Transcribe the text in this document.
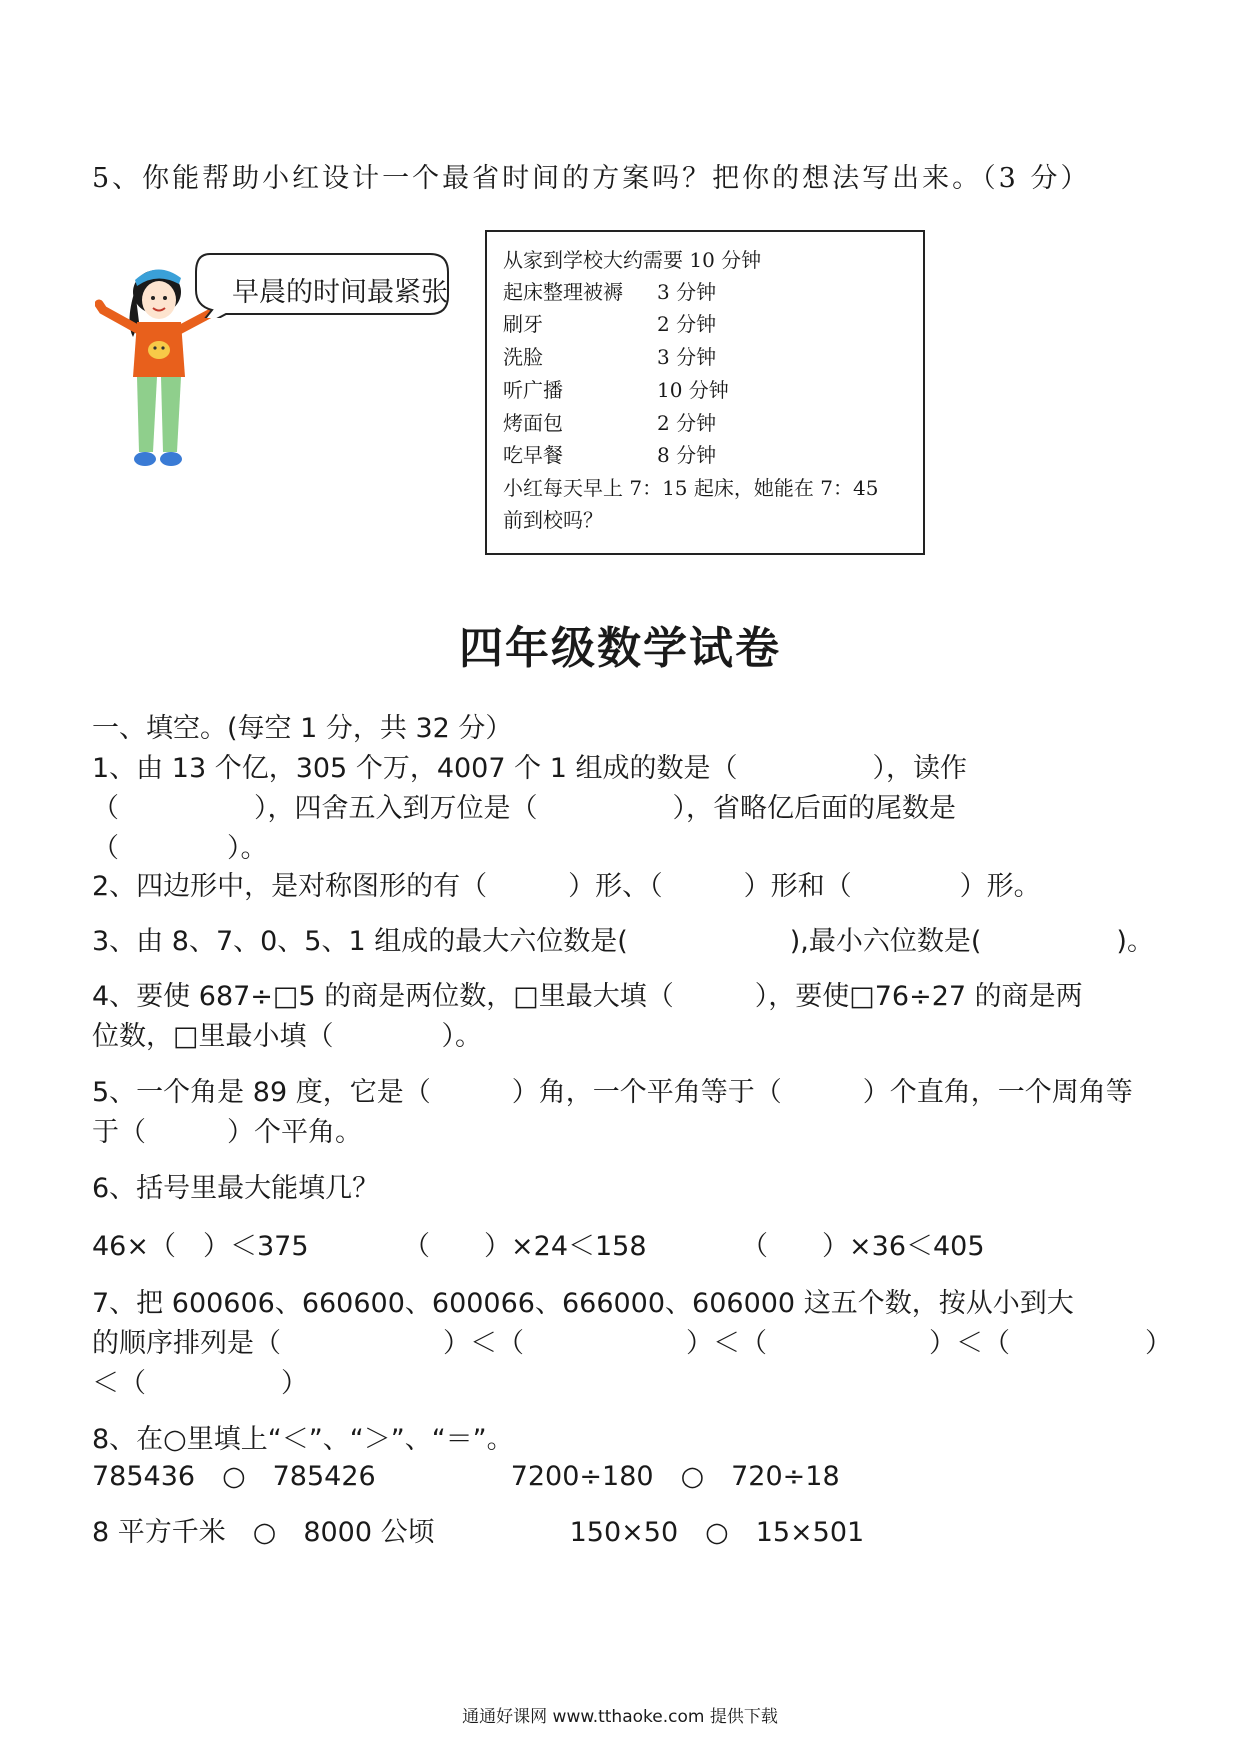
5、你能帮助小红设计一个最省时间的方案吗？把你的想法写出来。（3 分）
早晨的时间最紧张
从家到学校大约需要 10 分钟
起床整理被褥 3 分钟
刷牙	2 分钟
洗脸	3 分钟
听广播	10 分钟
烤面包	2 分钟
吃早餐	8 分钟
小红每天早上 7：15 起床，她能在 7：45
前到校吗？
四年级数学试卷
一、填空。(每空 1 分，共 32 分）
1、由 13 个亿，305 个万，4007 个 1 组成的数是（　　　　　），读作
（　　　　　），四舍五入到万位是（　　　　　），省略亿后面的尾数是
（　　　　）。
2、四边形中，是对称图形的有（　　　）形、（　　　）形和（　　　　）形。
3、由 8、7、0、5、1 组成的最大六位数是(　　　　　　),最小六位数是(　　　　　)。
4、要使 687÷□5 的商是两位数，□里最大填（　　　），要使□76÷27 的商是两
位数，□里最小填（　　　　）。
5、一个角是 89 度，它是（　　　）角，一个平角等于（　　　）个直角，一个周角等
于（　　　）个平角。
6、括号里最大能填几？
46×（　）＜375　　　　（　　）×24＜158　　　　（　　）×36＜405
7、把 600606、660600、600066、666000、606000 这五个数，按从小到大
的顺序排列是（　　　　　　）＜（　　　　　　）＜（　　　　　　）＜（　　　　　）
＜（　　　　　）
8、在○里填上“＜”、“＞”、“＝”。
785436　○　785426　　　　　7200÷180　○　720÷18
8 平方千米　○　8000 公顷　　　　　150×50　○　15×501
通通好课网 www.tthaoke.com 提供下载
